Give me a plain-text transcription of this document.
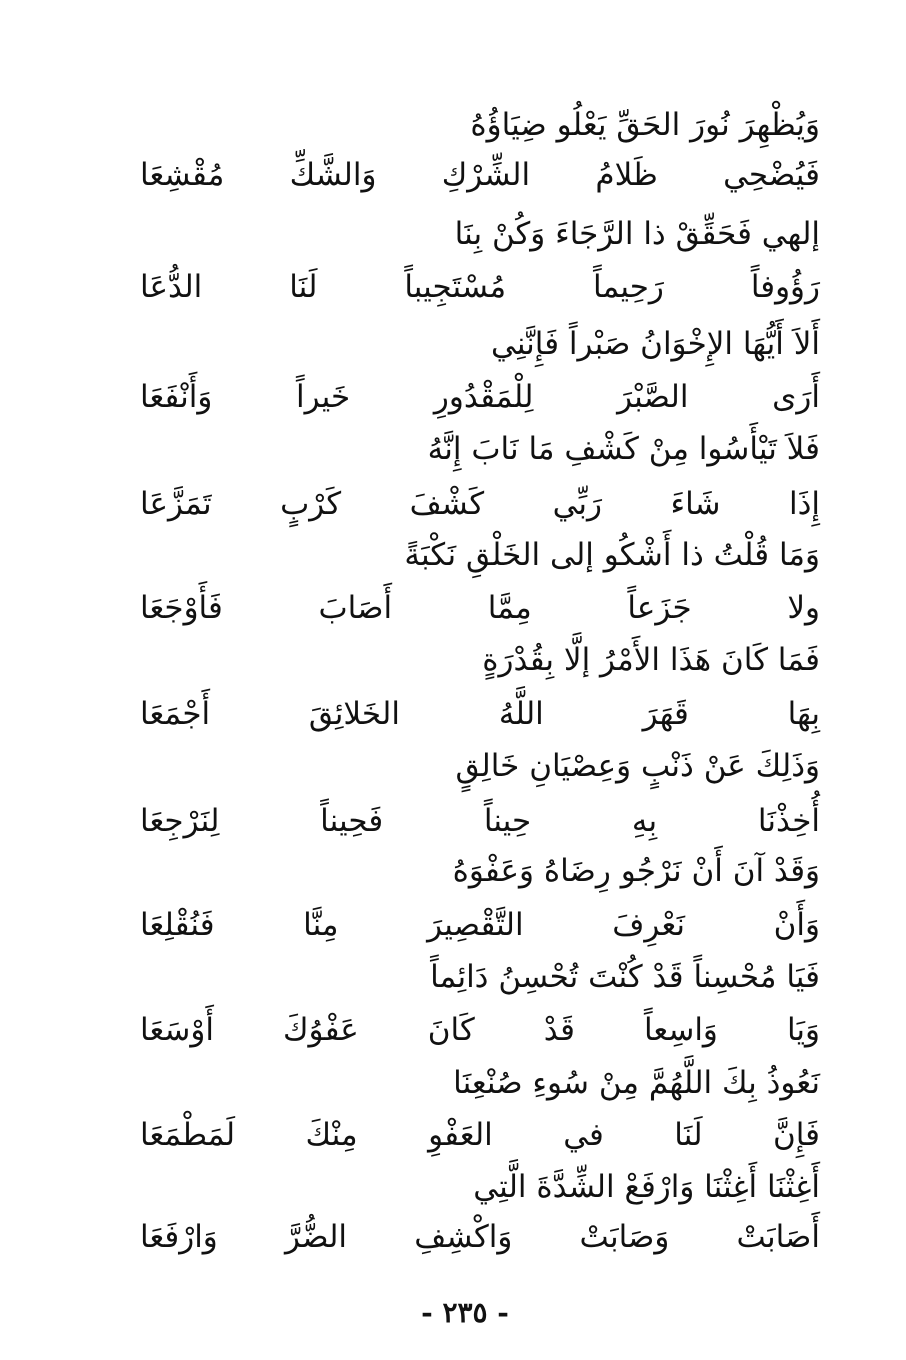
وَيُظْهِرَ نُورَ الحَقِّ يَعْلُو ضِيَاؤُهُ
فَيُضْحِي ظَلامُ الشِّرْكِ وَالشَّكِّ مُقْشِعَا
إلهي فَحَقِّقْ ذا الرَّجَاءَ وَكُنْ بِنَا
رَؤُوفاً رَحِيماً مُسْتَجِيباً لَنَا الدُّعَا
أَلاَ أَيُّهَا الإِخْوَانُ صَبْراً فَإِنَّنِي
أَرَى الصَّبْرَ لِلْمَقْدُورِ خَيراً وَأَنْفَعَا
فَلاَ تَيْأَسُوا مِنْ كَشْفِ مَا نَابَ إِنَّهُ
إِذَا شَاءَ رَبِّي كَشْفَ كَرْبٍ تَمَزَّعَا
وَمَا قُلْتُ ذا أَشْكُو إلى الخَلْقِ نَكْبَةً
ولا جَزَعاً مِمَّا أَصَابَ فَأَوْجَعَا
فَمَا كَانَ هَذَا الأَمْرُ إلَّا بِقُدْرَةٍ
بِهَا قَهَرَ اللَّهُ الخَلائِقَ أَجْمَعَا
وَذَلِكَ عَنْ ذَنْبٍ وَعِصْيَانِ خَالِقٍ
أُخِذْنَا بِهِ حِيناً فَحِيناً لِنَرْجِعَا
وَقَدْ آنَ أَنْ نَرْجُو رِضَاهُ وَعَفْوَهُ
وَأَنْ نَعْرِفَ التَّقْصِيرَ مِنَّا فَنُقْلِعَا
فَيَا مُحْسِناً قَدْ كُنْتَ تُحْسِنُ دَائِماً
وَيَا وَاسِعاً قَدْ كَانَ عَفْوُكَ أَوْسَعَا
نَعُوذُ بِكَ اللَّهُمَّ مِنْ سُوءِ صُنْعِنَا
فَإِنَّ لَنَا في العَفْوِ مِنْكَ لَمَطْمَعَا
أَغِثْنَا أَغِثْنَا وَارْفَعْ الشِّدَّةَ الَّتِي
أَصَابَتْ وَصَابَتْ وَاكْشِفِ الضُّرَّ وَارْفَعَا
- ٢٣٥ -
